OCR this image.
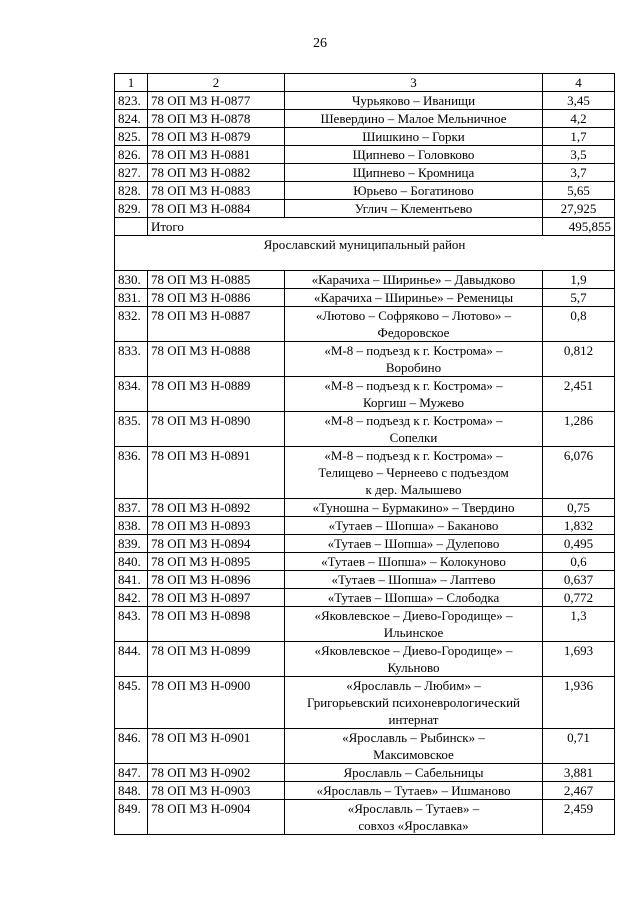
26
1	2	3	4
823.	78 ОП МЗ Н-0877	Чурьяково – Иванищи	3,45
824.	78 ОП МЗ Н-0878	Шевердино – Малое Мельничное	4,2
825.	78 ОП МЗ Н-0879	Шишкино – Горки	1,7
826.	78 ОП МЗ Н-0881	Щипнево – Головково	3,5
827.	78 ОП МЗ Н-0882	Щипнево – Кромница	3,7
828.	78 ОП МЗ Н-0883	Юрьево – Богатиново	5,65
829.	78 ОП МЗ Н-0884	Углич – Клементьево	27,925
	Итого		495,855
Ярославский муниципальный район			
830.	78 ОП МЗ Н-0885	«Карачиха – Ширинье» – Давыдково	1,9
831.	78 ОП МЗ Н-0886	«Карачиха – Ширинье» – Ременицы	5,7
832.	78 ОП МЗ Н-0887	«Лютово – Софряково – Лютово» –
Федоровское	0,8
833.	78 ОП МЗ Н-0888	«М-8 – подъезд к г. Кострома» –
Воробино	0,812
834.	78 ОП МЗ Н-0889	«М-8 – подъезд к г. Кострома» –
Коргиш – Мужево	2,451
835.	78 ОП МЗ Н-0890	«М-8 – подъезд к г. Кострома» –
Сопелки	1,286
836.	78 ОП МЗ Н-0891	«М-8 – подъезд к г. Кострома» –
Телищево – Чернеево с подъездом
к дер. Малышево	6,076
837.	78 ОП МЗ Н-0892	«Туношна – Бурмакино» – Твердино	0,75
838.	78 ОП МЗ Н-0893	«Тутаев – Шопша» – Баканово	1,832
839.	78 ОП МЗ Н-0894	«Тутаев – Шопша» – Дулепово	0,495
840.	78 ОП МЗ Н-0895	«Тутаев – Шопша» – Колокуново	0,6
841.	78 ОП МЗ Н-0896	«Тутаев – Шопша» – Лаптево	0,637
842.	78 ОП МЗ Н-0897	«Тутаев – Шопша» – Слободка	0,772
843.	78 ОП МЗ Н-0898	«Яковлевское – Диево-Городище» –
Ильинское	1,3
844.	78 ОП МЗ Н-0899	«Яковлевское – Диево-Городище» –
Кульново	1,693
845.	78 ОП МЗ Н-0900	«Ярославль – Любим» –
Григорьевский психоневрологический
интернат	1,936
846.	78 ОП МЗ Н-0901	«Ярославль – Рыбинск» –
Максимовское	0,71
847.	78 ОП МЗ Н-0902	Ярославль – Сабельницы	3,881
848.	78 ОП МЗ Н-0903	«Ярославль – Тутаев» – Ишманово	2,467
849.	78 ОП МЗ Н-0904	«Ярославль – Тутаев» –
совхоз «Ярославка»	2,459
